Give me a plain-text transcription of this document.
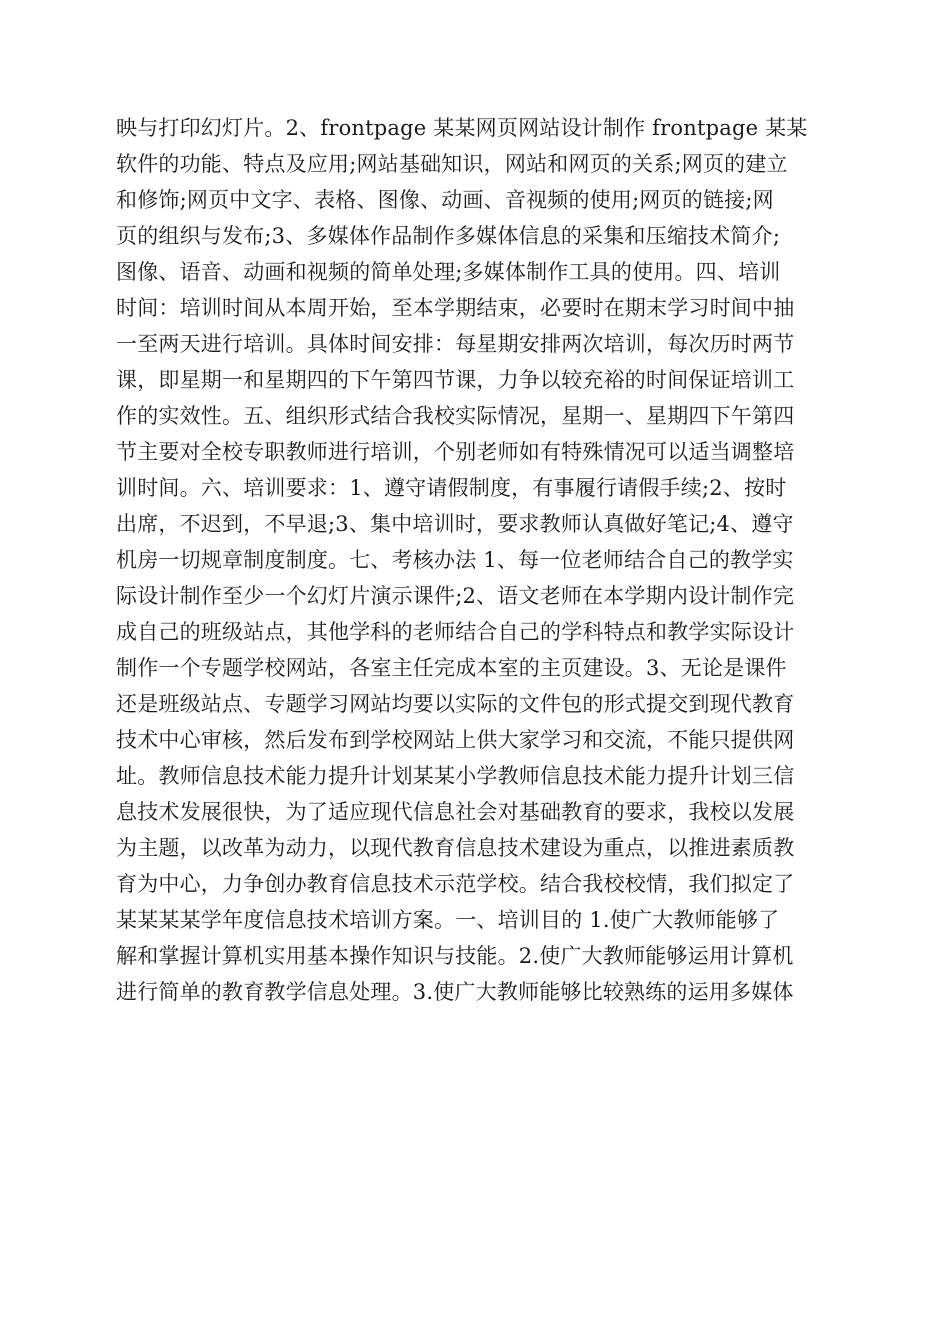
映与打印幻灯片。2、frontpage 某某网页网站设计制作 frontpage 某某
软件的功能、特点及应用;网站基础知识，网站和网页的关系;网页的建立
和修饰;网页中文字、表格、图像、动画、音视频的使用;网页的链接;网
页的组织与发布;3、多媒体作品制作多媒体信息的采集和压缩技术简介;
图像、语音、动画和视频的简单处理;多媒体制作工具的使用。四、培训
时间：培训时间从本周开始，至本学期结束，必要时在期末学习时间中抽
一至两天进行培训。具体时间安排：每星期安排两次培训，每次历时两节
课，即星期一和星期四的下午第四节课，力争以较充裕的时间保证培训工
作的实效性。五、组织形式结合我校实际情况，星期一、星期四下午第四
节主要对全校专职教师进行培训，个别老师如有特殊情况可以适当调整培
训时间。六、培训要求：1、遵守请假制度，有事履行请假手续;2、按时
出席，不迟到，不早退;3、集中培训时，要求教师认真做好笔记;4、遵守
机房一切规章制度制度。七、考核办法 1、每一位老师结合自己的教学实
际设计制作至少一个幻灯片演示课件;2、语文老师在本学期内设计制作完
成自己的班级站点，其他学科的老师结合自己的学科特点和教学实际设计
制作一个专题学校网站，各室主任完成本室的主页建设。3、无论是课件
还是班级站点、专题学习网站均要以实际的文件包的形式提交到现代教育
技术中心审核，然后发布到学校网站上供大家学习和交流，不能只提供网
址。教师信息技术能力提升计划某某小学教师信息技术能力提升计划三信
息技术发展很快，为了适应现代信息社会对基础教育的要求，我校以发展
为主题，以改革为动力，以现代教育信息技术建设为重点，以推进素质教
育为中心，力争创办教育信息技术示范学校。结合我校校情，我们拟定了
某某某某学年度信息技术培训方案。一、培训目的 1.使广大教师能够了
解和掌握计算机实用基本操作知识与技能。2.使广大教师能够运用计算机
进行简单的教育教学信息处理。3.使广大教师能够比较熟练的运用多媒体
